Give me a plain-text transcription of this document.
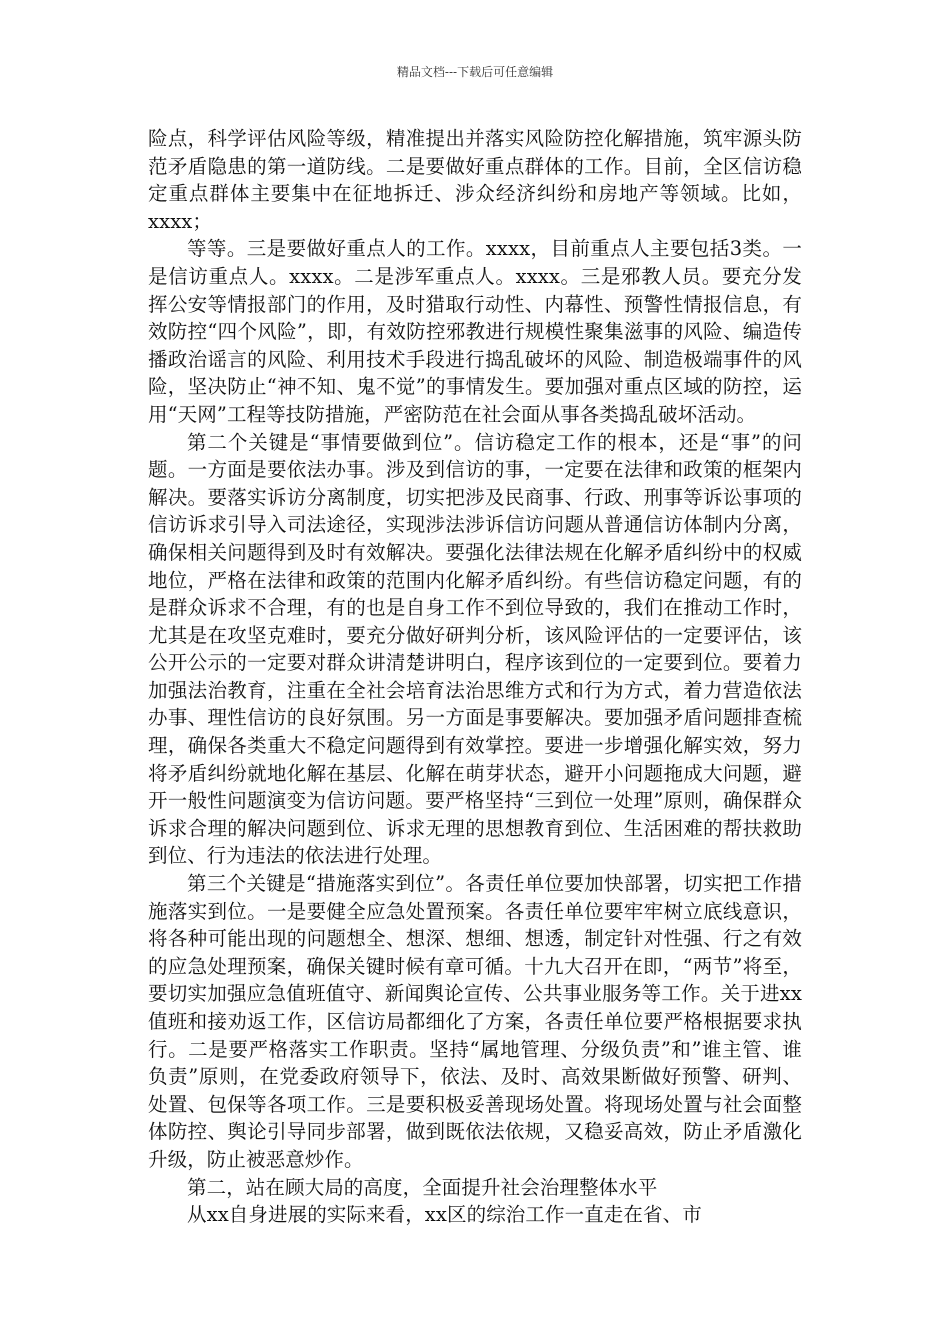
精品文档---下载后可任意编辑

险点，科学评估风险等级，精准提出并落实风险防控化解措施，筑牢源头防范矛盾隐患的第一道防线。二是要做好重点群体的工作。目前，全区信访稳定重点群体主要集中在征地拆迁、涉众经济纠纷和房地产等领域。比如，xxxx；

等等。三是要做好重点人的工作。xxxx，目前重点人主要包括3类。一是信访重点人。xxxx。二是涉军重点人。xxxx。三是邪教人员。要充分发挥公安等情报部门的作用，及时猎取行动性、内幕性、预警性情报信息，有效防控“四个风险”，即，有效防控邪教进行规模性聚集滋事的风险、编造传播政治谣言的风险、利用技术手段进行捣乱破坏的风险、制造极端事件的风险，坚决防止“神不知、鬼不觉”的事情发生。要加强对重点区域的防控，运用“天网”工程等技防措施，严密防范在社会面从事各类捣乱破坏活动。

第二个关键是“事情要做到位”。信访稳定工作的根本，还是“事”的问题。一方面是要依法办事。涉及到信访的事，一定要在法律和政策的框架内解决。要落实诉访分离制度，切实把涉及民商事、行政、刑事等诉讼事项的信访诉求引导入司法途径，实现涉法涉诉信访问题从普通信访体制内分离，确保相关问题得到及时有效解决。要强化法律法规在化解矛盾纠纷中的权威地位，严格在法律和政策的范围内化解矛盾纠纷。有些信访稳定问题，有的是群众诉求不合理，有的也是自身工作不到位导致的，我们在推动工作时，尤其是在攻坚克难时，要充分做好研判分析，该风险评估的一定要评估，该公开公示的一定要对群众讲清楚讲明白，程序该到位的一定要到位。要着力加强法治教育，注重在全社会培育法治思维方式和行为方式，着力营造依法办事、理性信访的良好氛围。另一方面是事要解决。要加强矛盾问题排查梳理，确保各类重大不稳定问题得到有效掌控。要进一步增强化解实效，努力将矛盾纠纷就地化解在基层、化解在萌芽状态，避开小问题拖成大问题，避开一般性问题演变为信访问题。要严格坚持“三到位一处理”原则，确保群众诉求合理的解决问题到位、诉求无理的思想教育到位、生活困难的帮扶救助到位、行为违法的依法进行处理。

第三个关键是“措施落实到位”。各责任单位要加快部署，切实把工作措施落实到位。一是要健全应急处置预案。各责任单位要牢牢树立底线意识，将各种可能出现的问题想全、想深、想细、想透，制定针对性强、行之有效的应急处理预案，确保关键时候有章可循。十九大召开在即，“两节”将至，要切实加强应急值班值守、新闻舆论宣传、公共事业服务等工作。关于进xx值班和接劝返工作，区信访局都细化了方案，各责任单位要严格根据要求执行。二是要严格落实工作职责。坚持“属地管理、分级负责”和”谁主管、谁负责”原则，在党委政府领导下，依法、及时、高效果断做好预警、研判、处置、包保等各项工作。三是要积极妥善现场处置。将现场处置与社会面整体防控、舆论引导同步部署，做到既依法依规，又稳妥高效，防止矛盾激化升级，防止被恶意炒作。

第二，站在顾大局的高度，全面提升社会治理整体水平

从xx自身进展的实际来看，xx区的综治工作一直走在省、市
